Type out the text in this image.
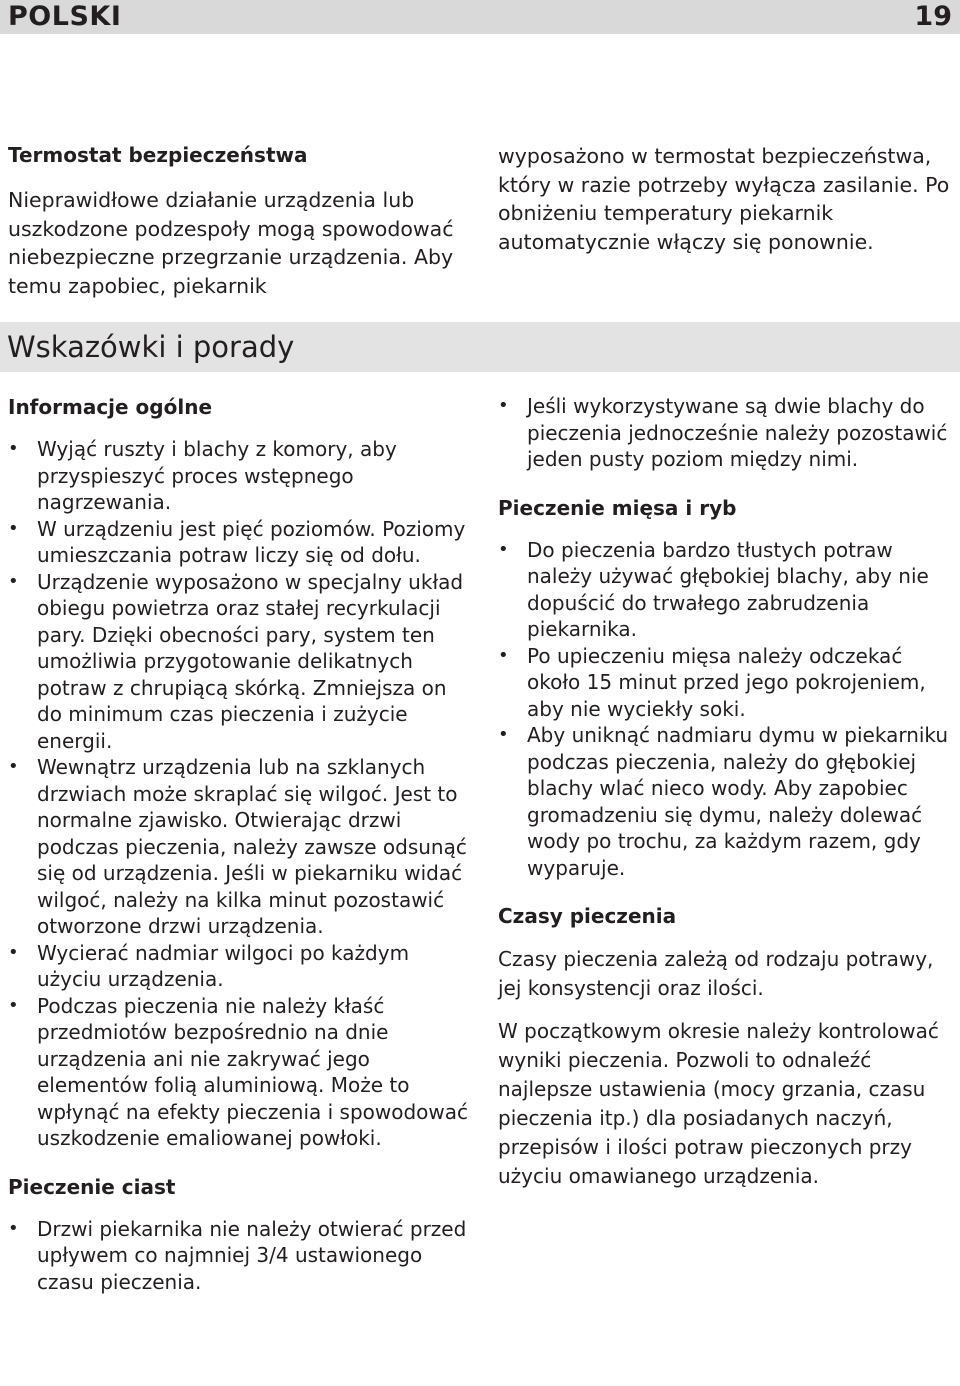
POLSKI	19
Termostat bezpieczeństwa

Nieprawidłowe działanie urządzenia lub uszkodzone podzespoły mogą spowodować niebezpieczne przegrzanie urządzenia. Aby temu zapobiec, piekarnik

wyposażono w termostat bezpieczeństwa, który w razie potrzeby wyłącza zasilanie. Po obniżeniu temperatury piekarnik automatycznie włączy się ponownie.

Wskazówki i porady
Informacje ogólne
• Wyjąć ruszty i blachy z komory, aby przyspieszyć proces wstępnego nagrzewania.
• W urządzeniu jest pięć poziomów. Poziomy umieszczania potraw liczy się od dołu.
• Urządzenie wyposażono w specjalny układ obiegu powietrza oraz stałej recyrkulacji pary. Dzięki obecności pary, system ten umożliwia przygotowanie delikatnych potraw z chrupiącą skórką. Zmniejsza on do minimum czas pieczenia i zużycie energii.
• Wewnątrz urządzenia lub na szklanych drzwiach może skraplać się wilgoć. Jest to normalne zjawisko. Otwierając drzwi podczas pieczenia, należy zawsze odsunąć się od urządzenia. Jeśli w piekarniku widać wilgoć, należy na kilka minut pozostawić otworzone drzwi urządzenia.
• Wycierać nadmiar wilgoci po każdym użyciu urządzenia.
• Podczas pieczenia nie należy kłaść przedmiotów bezpośrednio na dnie urządzenia ani nie zakrywać jego elementów folią aluminiową. Może to wpłynąć na efekty pieczenia i spowodować uszkodzenie emaliowanej powłoki.
Pieczenie ciast
• Drzwi piekarnika nie należy otwierać przed upływem co najmniej 3/4 ustawionego czasu pieczenia.
• Jeśli wykorzystywane są dwie blachy do pieczenia jednocześnie należy pozostawić jeden pusty poziom między nimi.
Pieczenie mięsa i ryb
• Do pieczenia bardzo tłustych potraw należy używać głębokiej blachy, aby nie dopuścić do trwałego zabrudzenia piekarnika.
• Po upieczeniu mięsa należy odczekać około 15 minut przed jego pokrojeniem, aby nie wyciekły soki.
• Aby uniknąć nadmiaru dymu w piekarniku podczas pieczenia, należy do głębokiej blachy wlać nieco wody. Aby zapobiec gromadzeniu się dymu, należy dolewać wody po trochu, za każdym razem, gdy wyparuje.
Czasy pieczenia

Czasy pieczenia zależą od rodzaju potrawy, jej konsystencji oraz ilości.

W początkowym okresie należy kontrolować wyniki pieczenia. Pozwoli to odnaleźć najlepsze ustawienia (mocy grzania, czasu pieczenia itp.) dla posiadanych naczyń, przepisów i ilości potraw pieczonych przy użyciu omawianego urządzenia.
